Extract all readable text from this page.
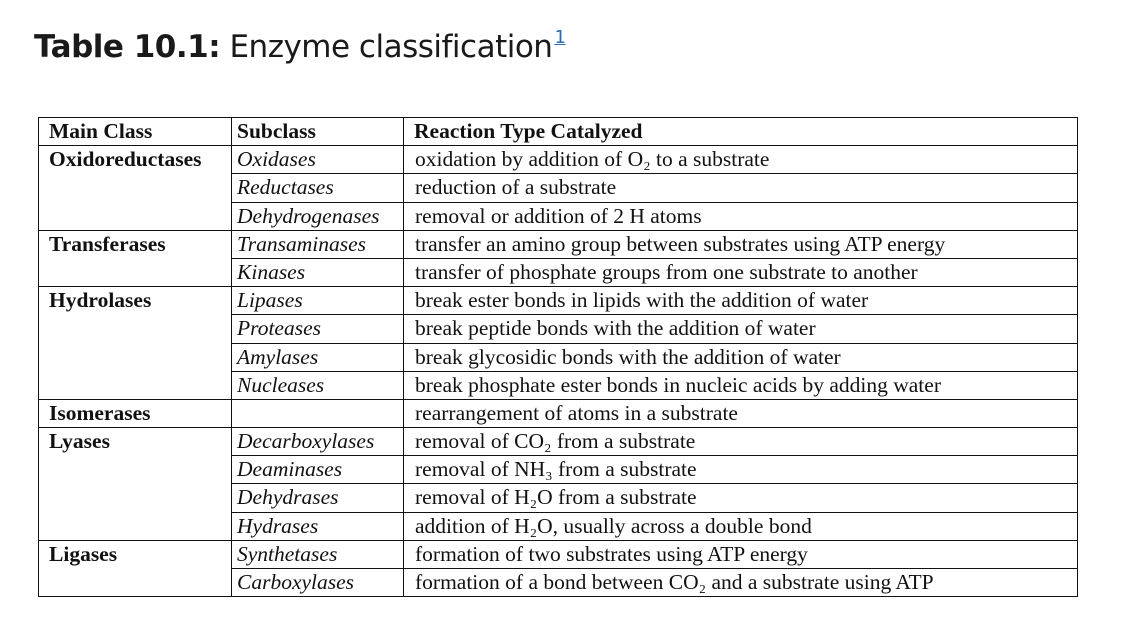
Table 10.1: Enzyme classification $^1$
Main Class	Subclass	Reaction Type Catalyzed
Oxidoreductases	Oxidases	oxidation by addition of O₂ to a substrate
	Reductases	reduction of a substrate
	Dehydrogenases	removal or addition of 2 H atoms
Transferases	Transaminases	transfer an amino group between substrates using ATP energy
	Kinases	transfer of phosphate groups from one substrate to another
Hydrolases	Lipases	break ester bonds in lipids with the addition of water
	Proteases	break peptide bonds with the addition of water
	Amylases	break glycosidic bonds with the addition of water
	Nucleases	break phosphate ester bonds in nucleic acids by adding water
Isomerases		rearrangement of atoms in a substrate
Lyases	Decarboxylases	removal of CO₂ from a substrate
	Deaminases	removal of NH₃ from a substrate
	Dehydrases	removal of H₂O from a substrate
	Hydrases	addition of H₂O, usually across a double bond
Ligases	Synthetases	formation of two substrates using ATP energy
	Carboxylases	formation of a bond between CO₂ and a substrate using ATP
